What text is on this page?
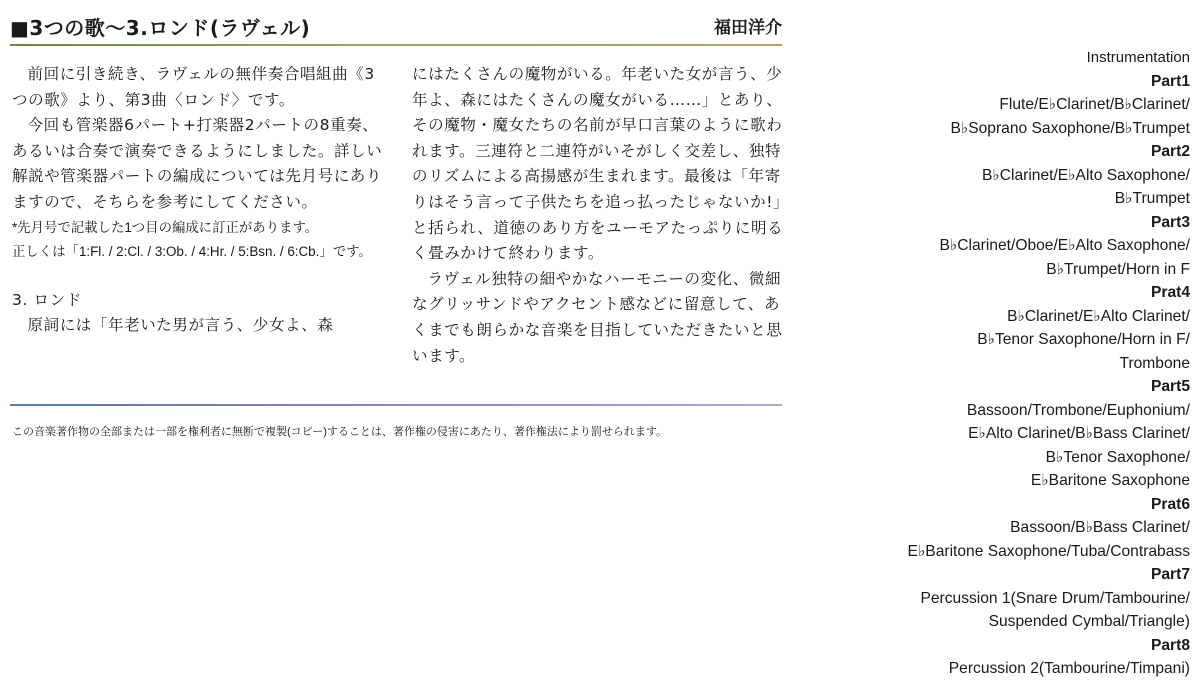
■3つの歌〜3.ロンド(ラヴェル)	福田洋介

前回に引き続き、ラヴェルの無伴奏合唱組曲《3つの歌》より、第3曲〈ロンド〉です。

今回も管楽器6パート+打楽器2パートの8重奏、あるいは合奏で演奏できるようにしました。詳しい解説や管楽器パートの編成については先月号にありますので、そちらを参考にしてください。

*先月号で記載した1つ目の編成に訂正があります。

正しくは「1:Fl. / 2:Cl. / 3:Ob. / 4:Hr. / 5:Bsn. / 6:Cb.」です。

3. ロンド

原詞には「年老いた男が言う、少女よ、森

にはたくさんの魔物がいる。年老いた女が言う、少年よ、森にはたくさんの魔女がいる……」とあり、その魔物・魔女たちの名前が早口言葉のように歌われます。三連符と二連符がいそがしく交差し、独特のリズムによる高揚感が生まれます。最後は「年寄りはそう言って子供たちを追っ払ったじゃないか!」と括られ、道徳のあり方をユーモアたっぷりに明るく畳みかけて終わります。

ラヴェル独特の細やかなハーモニーの変化、微細なグリッサンドやアクセント感などに留意して、あくまでも朗らかな音楽を目指していただきたいと思います。

この音楽著作物の全部または一部を権利者に無断で複製(コピー)することは、著作権の侵害にあたり、著作権法により罰せられます。
Instrumentation
Part1
Flute/E♭Clarinet/B♭Clarinet/
B♭Soprano Saxophone/B♭Trumpet
Part2
B♭Clarinet/E♭Alto Saxophone/
B♭Trumpet
Part3
B♭Clarinet/Oboe/E♭Alto Saxophone/
B♭Trumpet/Horn in F
Prat4
B♭Clarinet/E♭Alto Clarinet/
B♭Tenor Saxophone/Horn in F/
Trombone
Part5
Bassoon/Trombone/Euphonium/
E♭Alto Clarinet/B♭Bass Clarinet/
B♭Tenor Saxophone/
E♭Baritone Saxophone
Prat6
Bassoon/B♭Bass Clarinet/
E♭Baritone Saxophone/Tuba/Contrabass
Part7
Percussion 1(Snare Drum/Tambourine/
Suspended Cymbal/Triangle)
Part8
Percussion 2(Tambourine/Timpani)
